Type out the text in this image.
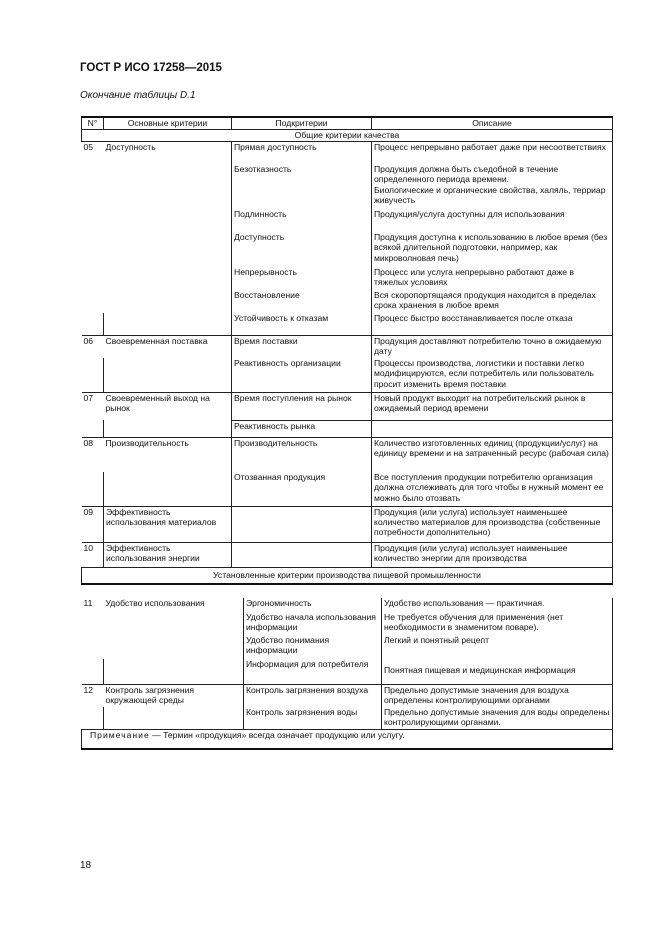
ГОСТ Р ИСО 17258—2015
Окончание таблицы D.1
N°	Основные критерии	Подкритерии	Описание
Общие критерии качества			
05	Доступность	Прямая доступность	Процесс непрерывно работает даже при несоответствиях
		Безотказность	Продукция должна быть съедобной в течение определенного периода времени.
Биологические и органические свойства, халяль, терриар живучесть
		Подлинность	Продукция/услуга доступны для использования
		Доступность	Продукция доступна к использованию в любое время (без всякой длительной подготовки, например, как микроволновая печь)
		Непрерывность	Процесс или услуга непрерывно работают даже в тяжелых условиях
		Восстановление	Вся скоропортящаяся продукция находится в пределах срока хранения в любое время
		Устойчивость к отказам	Процесс быстро восстанавливается после отказа
06	Своевременная поставка	Время поставки	Продукция доставляют потребителю точно в ожидаемую дату
		Реактивность организации	Процессы производства, логистики и поставки легко модифицируются, если потребитель или пользователь просит изменить время поставки
07	Своевременный выход на рынок	Время поступления на рынок	Новый продукт выходит на потребительский рынок в ожидаемый период времени
		Реактивность рынка	
08	Производительность	Производительность	Количество изготовленных единиц (продукции/услуг) на единицу времени и на затраченный ресурс (рабочая сила)
		Отозванная продукция	Все поступления продукции потребителю организация должна отслеживать для того чтобы в нужный момент ее можно было отозвать
09	Эффективность использования материалов		Продукция (или услуга) использует наименьшее количество материалов для производства (собственные потребности дополнительно)
10	Эффективность использования энергии		Продукция (или услуга) использует наименьшее количество энергии для производства
Установленные критерии производства пищевой промышленности			
11	Удобство использования	Эргономичность	Удобство использования — практичная.
		Удобство начала использования информации	Не требуется обучения для применения (нет необходимости в знаменитом поваре).
		Удобство понимания информации	Легкий и понятный рецепт
		Информация для потребителя	Понятная пищевая и медицинская информация
12	Контроль загрязнения окружающей среды	Контроль загрязнения воздуха	Предельно допустимые значения для воздуха определены контролирующими органами
		Контроль загрязнения воды	Предельно допустимые значения для воды определены контролирующими органами.
Примечание — Термин «продукция» всегда означает продукцию или услугу.			
18
